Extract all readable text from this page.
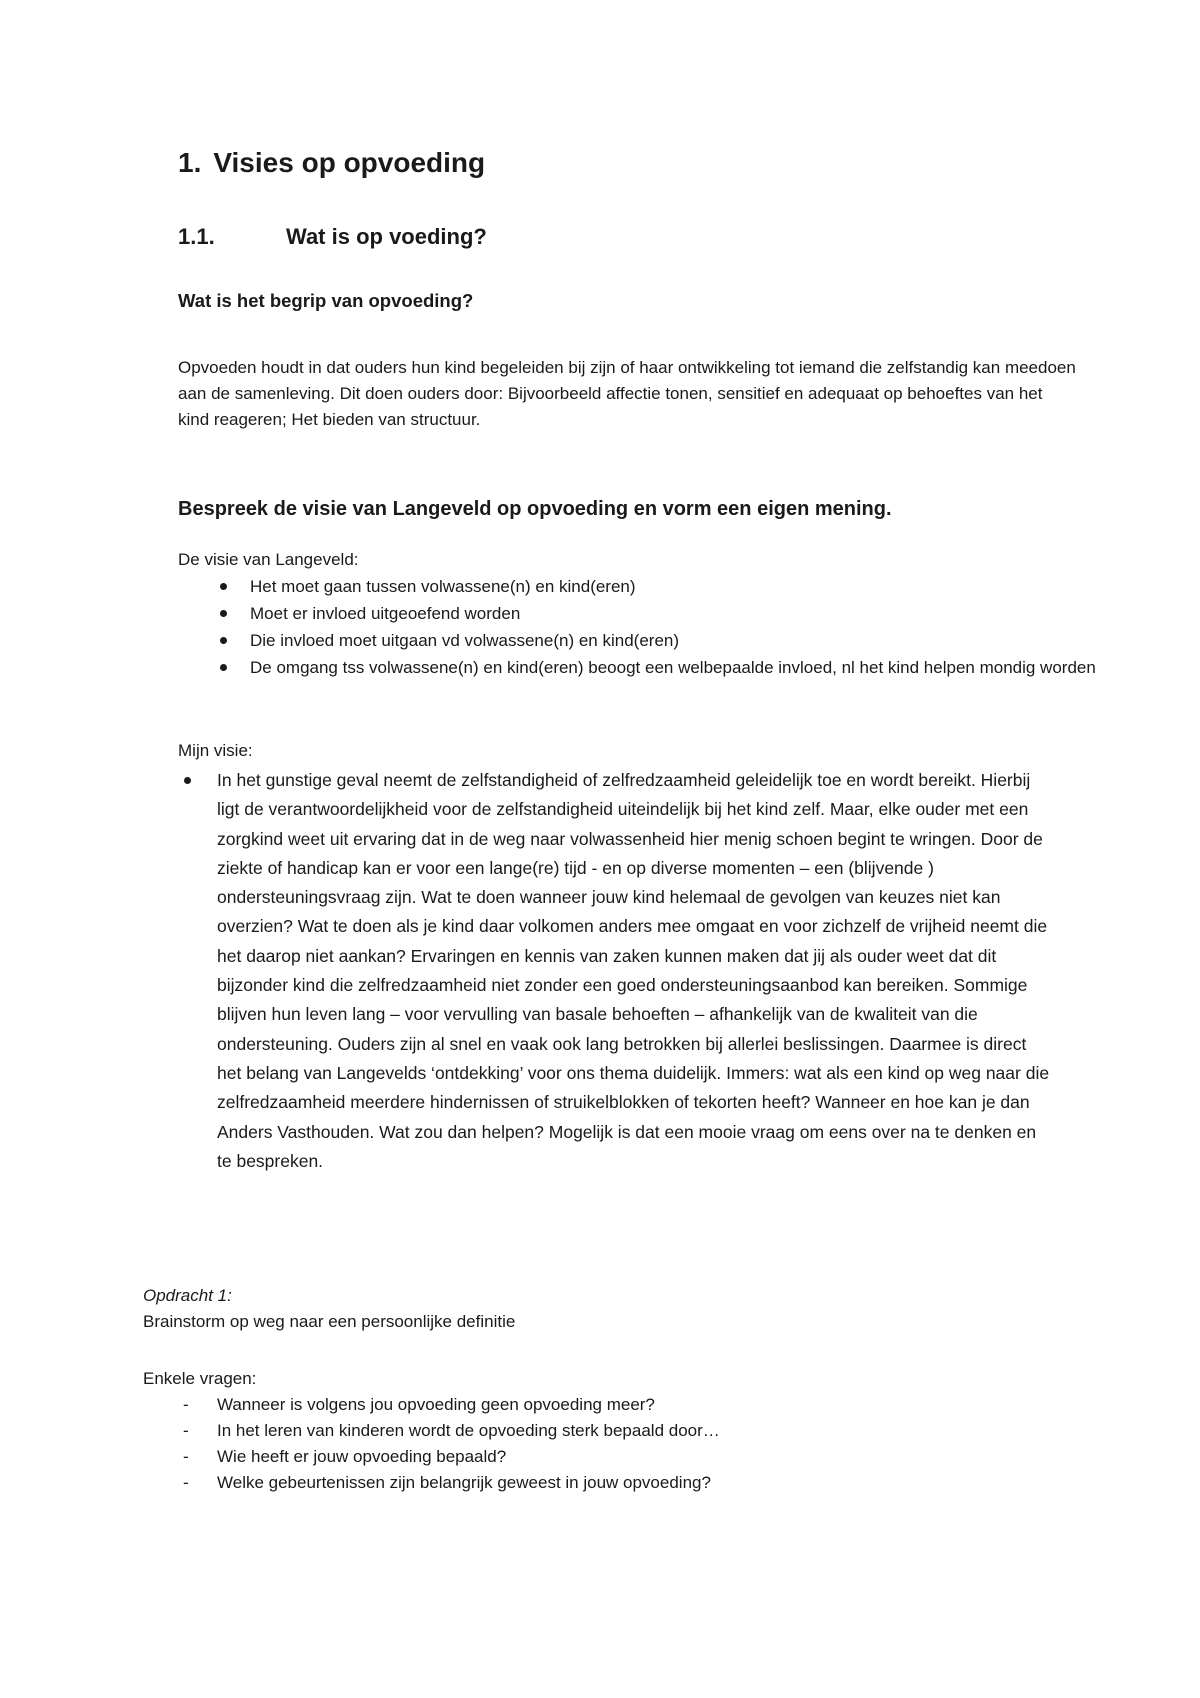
1. Visies op opvoeding
1.1.	Wat is op voeding?
Wat is het begrip van opvoeding?

Opvoeden houdt in dat ouders hun kind begeleiden bij zijn of haar ontwikkeling tot iemand die zelfstandig kan meedoen aan de samenleving. Dit doen ouders door: Bijvoorbeeld affectie tonen, sensitief en adequaat op behoeftes van het kind reageren; Het bieden van structuur.

Bespreek de visie van Langeveld op opvoeding en vorm een eigen mening.

De visie van Langeveld:

Het moet gaan tussen volwassene(n) en kind(eren)
Moet er invloed uitgeoefend worden
Die invloed moet uitgaan vd volwassene(n) en kind(eren)
De omgang tss volwassene(n) en kind(eren) beoogt een welbepaalde invloed, nl het kind helpen mondig worden

Mijn visie:

In het gunstige geval neemt de zelfstandigheid of zelfredzaamheid geleidelijk toe en wordt bereikt. Hierbij ligt de verantwoordelijkheid voor de zelfstandigheid uiteindelijk bij het kind zelf. Maar, elke ouder met een zorgkind weet uit ervaring dat in de weg naar volwassenheid hier menig schoen begint te wringen. Door de ziekte of handicap kan er voor een lange(re) tijd - en op diverse momenten – een (blijvende ) ondersteuningsvraag zijn. Wat te doen wanneer jouw kind helemaal de gevolgen van keuzes niet kan overzien? Wat te doen als je kind daar volkomen anders mee omgaat en voor zichzelf de vrijheid neemt die het daarop niet aankan? Ervaringen en kennis van zaken kunnen maken dat jij als ouder weet dat dit bijzonder kind die zelfredzaamheid niet zonder een goed ondersteuningsaanbod kan bereiken. Sommige blijven hun leven lang – voor vervulling van basale behoeften – afhankelijk van de kwaliteit van die ondersteuning. Ouders zijn al snel en vaak ook lang betrokken bij allerlei beslissingen. Daarmee is direct het belang van Langevelds ‘ontdekking’ voor ons thema duidelijk. Immers: wat als een kind op weg naar die zelfredzaamheid meerdere hindernissen of struikelblokken of tekorten heeft? Wanneer en hoe kan je dan Anders Vasthouden. Wat zou dan helpen? Mogelijk is dat een mooie vraag om eens over na te denken en te bespreken.

Opdracht 1:

Brainstorm op weg naar een persoonlijke definitie

Enkele vragen:

- Wanneer is volgens jou opvoeding geen opvoeding meer?
- In het leren van kinderen wordt de opvoeding sterk bepaald door…
- Wie heeft er jouw opvoeding bepaald?
- Welke gebeurtenissen zijn belangrijk geweest in jouw opvoeding?
